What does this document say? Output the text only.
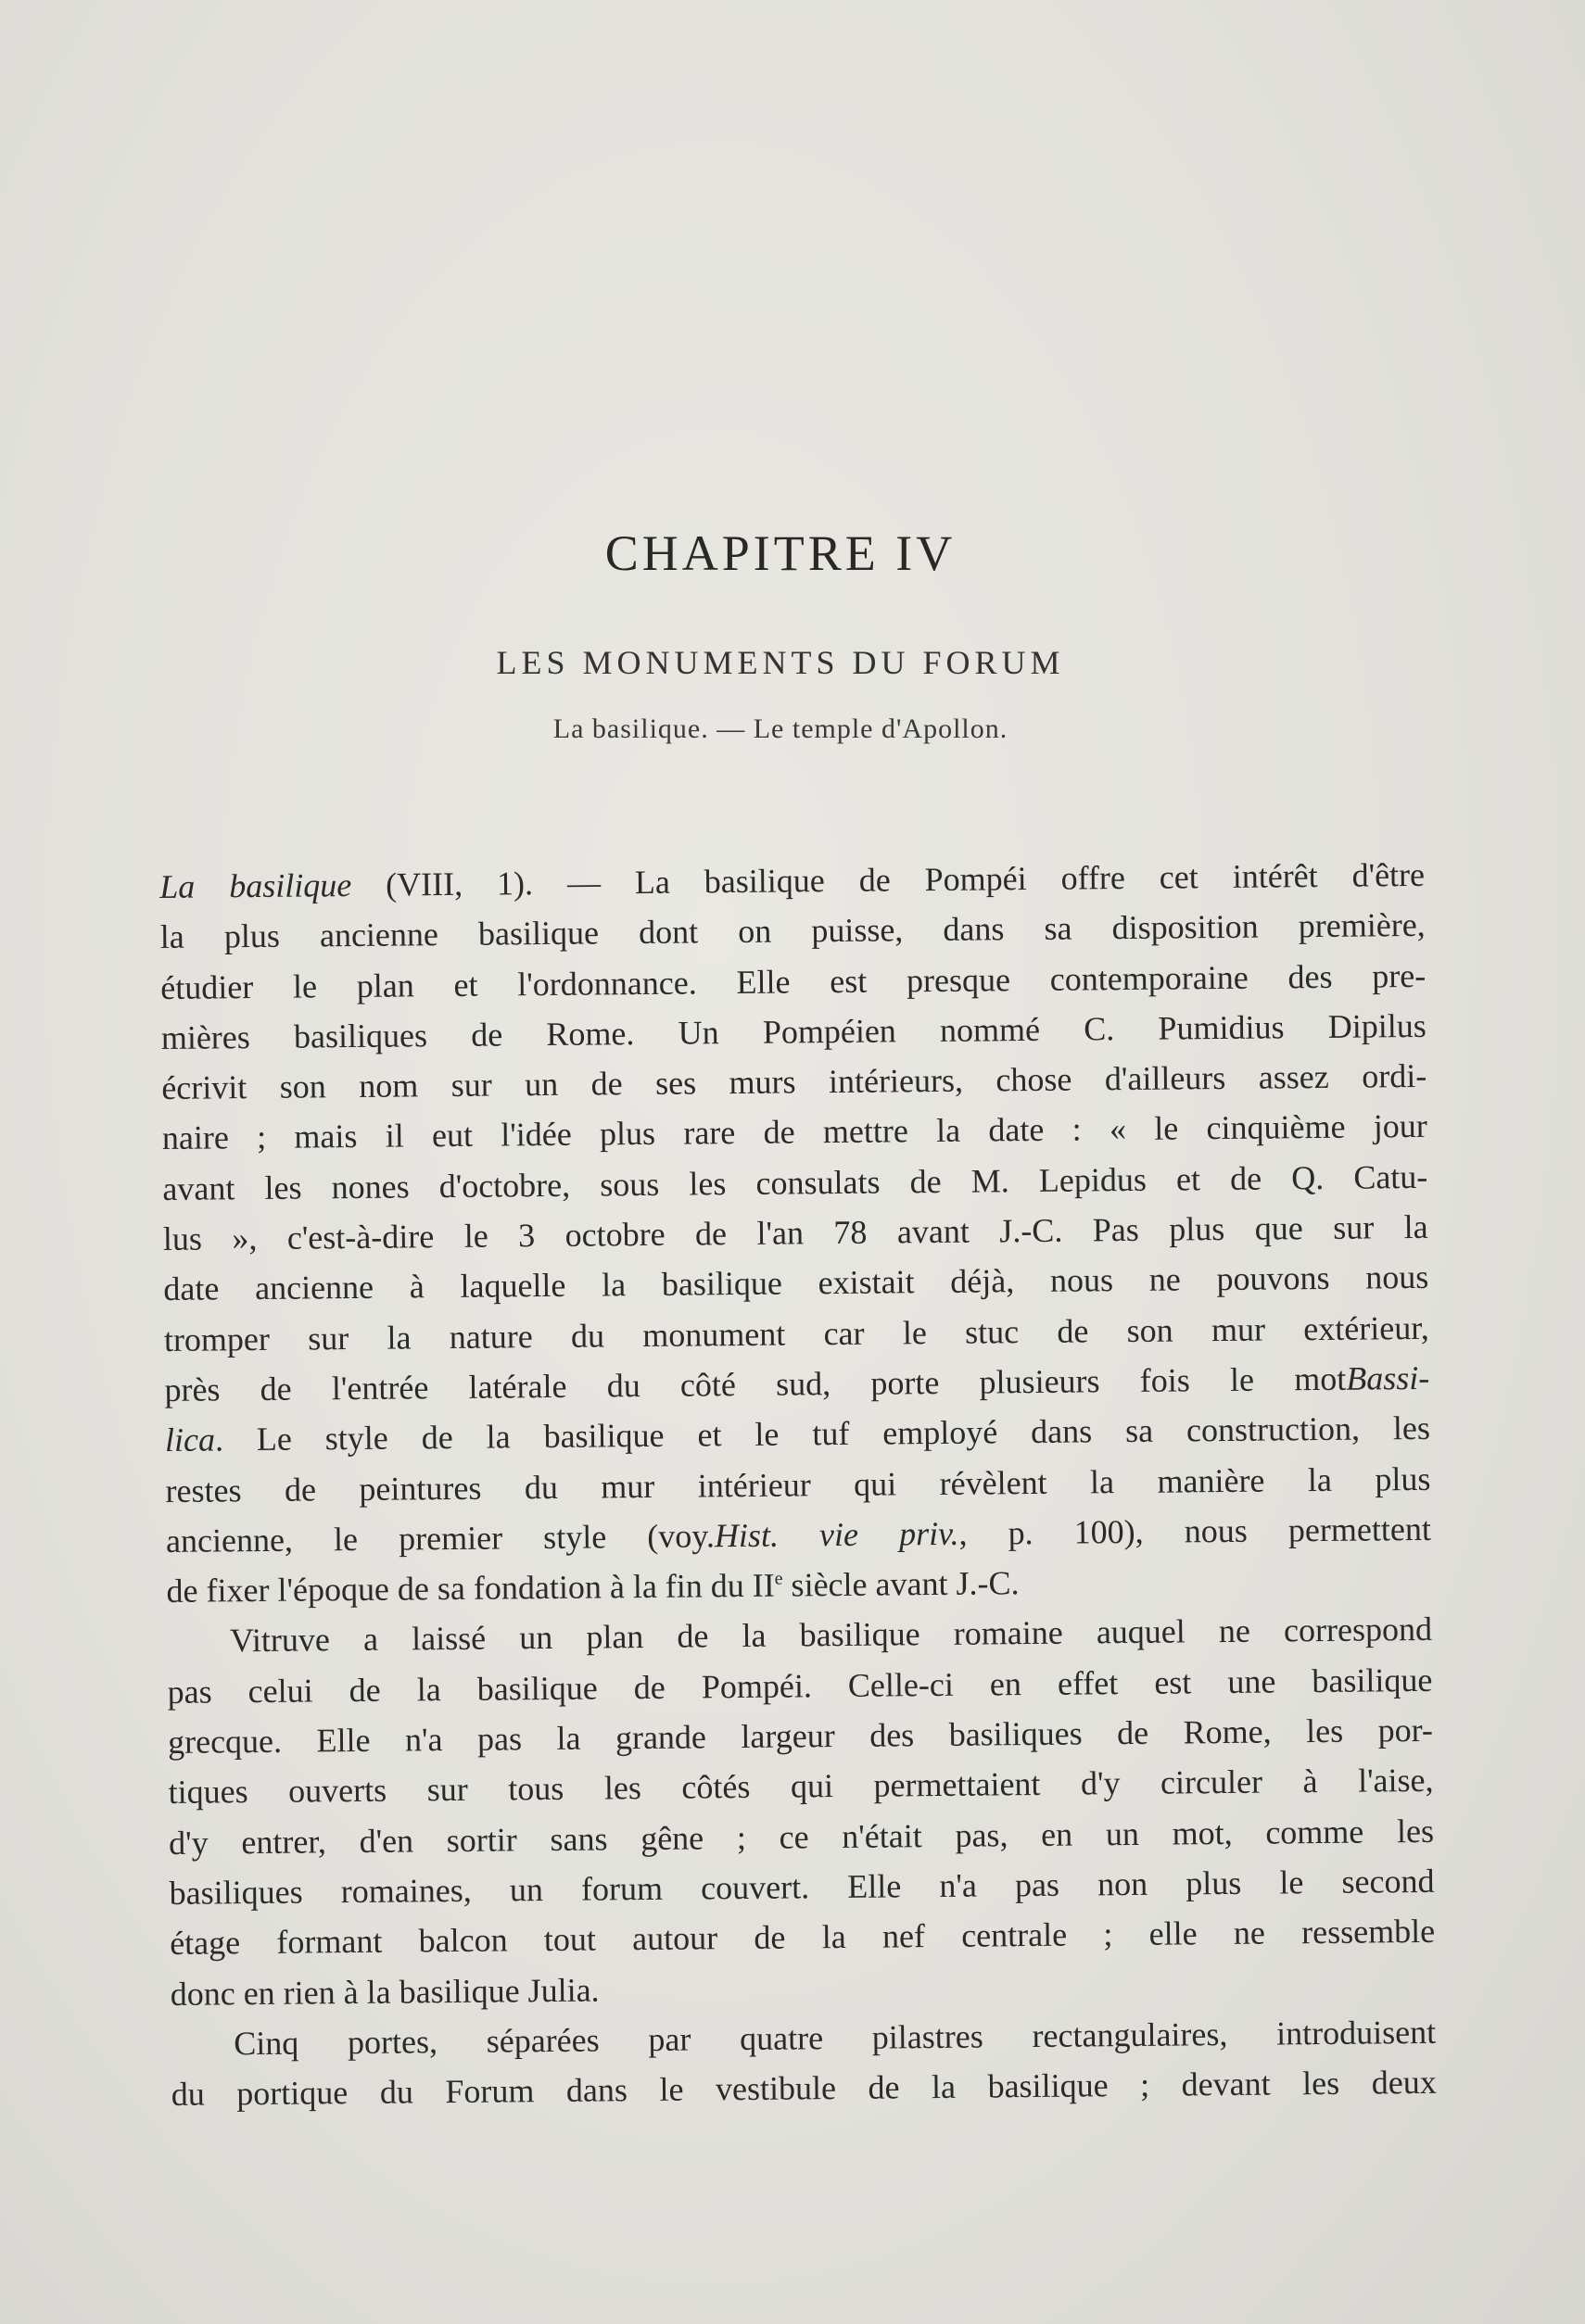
CHAPITRE IV
LES MONUMENTS DU FORUM

La basilique. — Le temple d'Apollon.

La basilique (VIII, 1). — La basilique de Pompéi offre cet intérêt d'être
la plus ancienne basilique dont on puisse, dans sa disposition première,
étudier le plan et l'ordonnance. Elle est presque contemporaine des pre-
mières basiliques de Rome. Un Pompéien nommé C. Pumidius Dipilus
écrivit son nom sur un de ses murs intérieurs, chose d'ailleurs assez ordi-
naire ; mais il eut l'idée plus rare de mettre la date : « le cinquième jour
avant les nones d'octobre, sous les consulats de M. Lepidus et de Q. Catu-
lus », c'est-à-dire le 3 octobre de l'an 78 avant J.-C. Pas plus que sur la
date ancienne à laquelle la basilique existait déjà, nous ne pouvons nous
tromper sur la nature du monument car le stuc de son mur extérieur,
près de l'entrée latérale du côté sud, porte plusieurs fois le motBassi-
lica. Le style de la basilique et le tuf employé dans sa construction, les
restes de peintures du mur intérieur qui révèlent la manière la plus
ancienne, le premier style (voy.Hist. vie priv., p. 100), nous permettent
de fixer l'époque de sa fondation à la fin du IIe siècle avant J.-C.
Vitruve a laissé un plan de la basilique romaine auquel ne correspond
pas celui de la basilique de Pompéi. Celle-ci en effet est une basilique
grecque. Elle n'a pas la grande largeur des basiliques de Rome, les por-
tiques ouverts sur tous les côtés qui permettaient d'y circuler à l'aise,
d'y entrer, d'en sortir sans gêne ; ce n'était pas, en un mot, comme les
basiliques romaines, un forum couvert. Elle n'a pas non plus le second
étage formant balcon tout autour de la nef centrale ; elle ne ressemble
donc en rien à la basilique Julia.
Cinq portes, séparées par quatre pilastres rectangulaires, introduisent
du portique du Forum dans le vestibule de la basilique ; devant les deux
